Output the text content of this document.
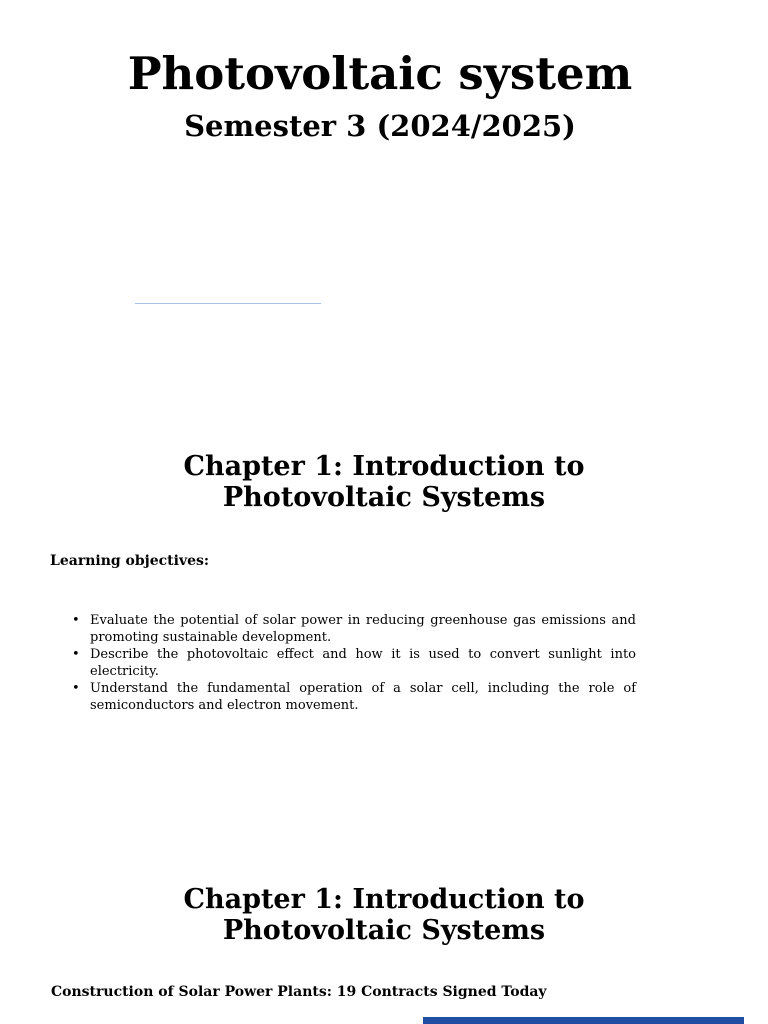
Photovoltaic system
Semester 3 (2024/2025)
Chapter 1: Introduction to
Photovoltaic Systems
Learning objectives:
• Evaluate the potential of solar power in reducing greenhouse gas emissions and promoting sustainable development.
• Describe the photovoltaic effect and how it is used to convert sunlight into electricity.
• Understand the fundamental operation of a solar cell, including the role of semiconductors and electron movement.
Chapter 1: Introduction to
Photovoltaic Systems
Construction of Solar Power Plants: 19 Contracts Signed Today
